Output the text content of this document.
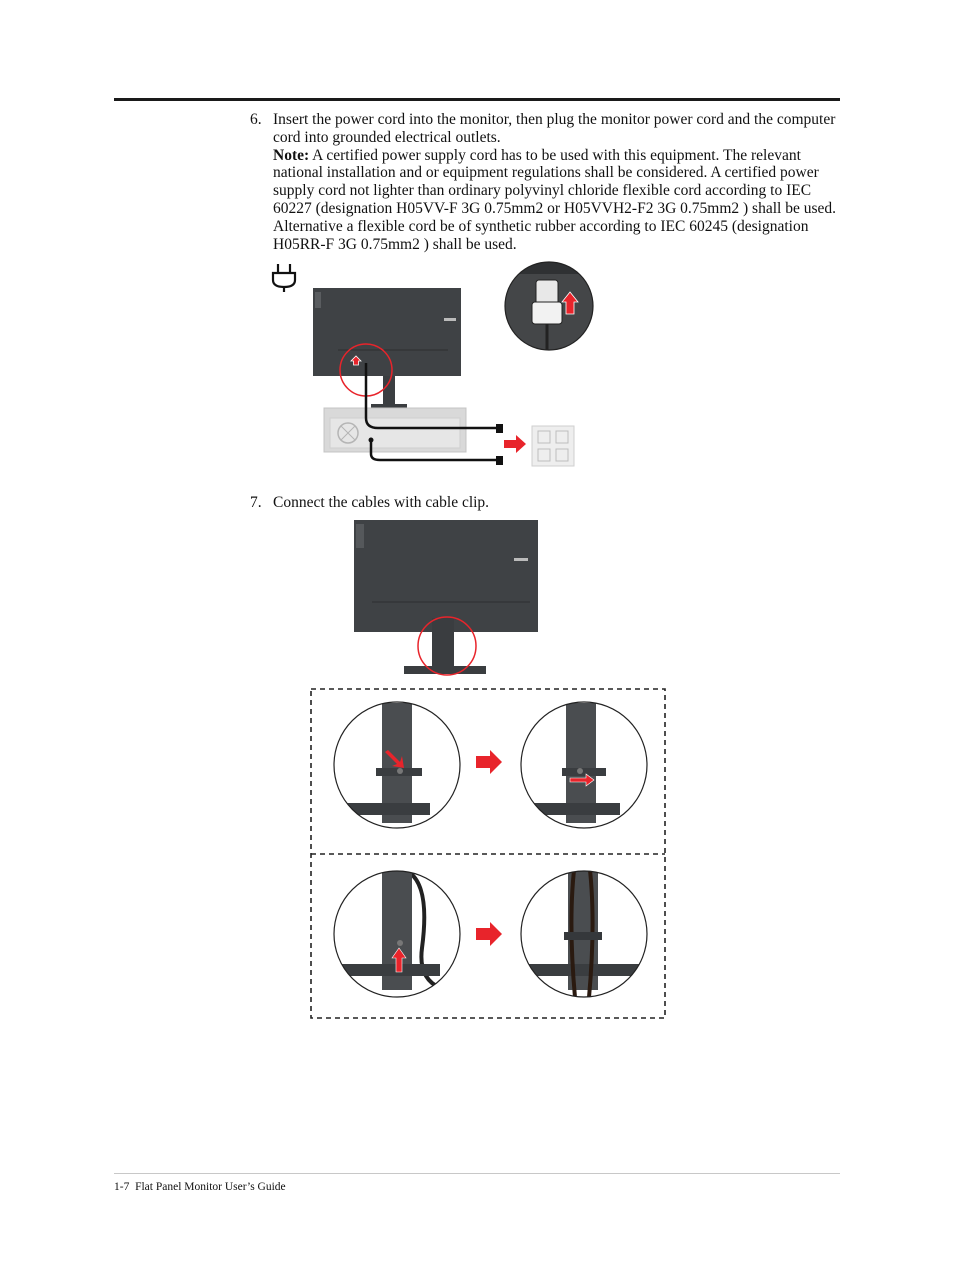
6. Insert the power cord into the monitor, then plug the monitor power cord and the computer cord into grounded electrical outlets.
Note: A certified power supply cord has to be used with this equipment. The relevant national installation and or equipment regulations shall be considered. A certified power supply cord not lighter than ordinary polyvinyl chloride flexible cord according to IEC 60227 (designation H05VV-F 3G 0.75mm2 or H05VVH2-F2 3G 0.75mm2 ) shall be used. Alternative a flexible cord be of synthetic rubber according to IEC 60245 (designation H05RR-F 3G 0.75mm2 ) shall be used.
7. Connect the cables with cable clip.
1-7 Flat Panel Monitor User’s Guide
